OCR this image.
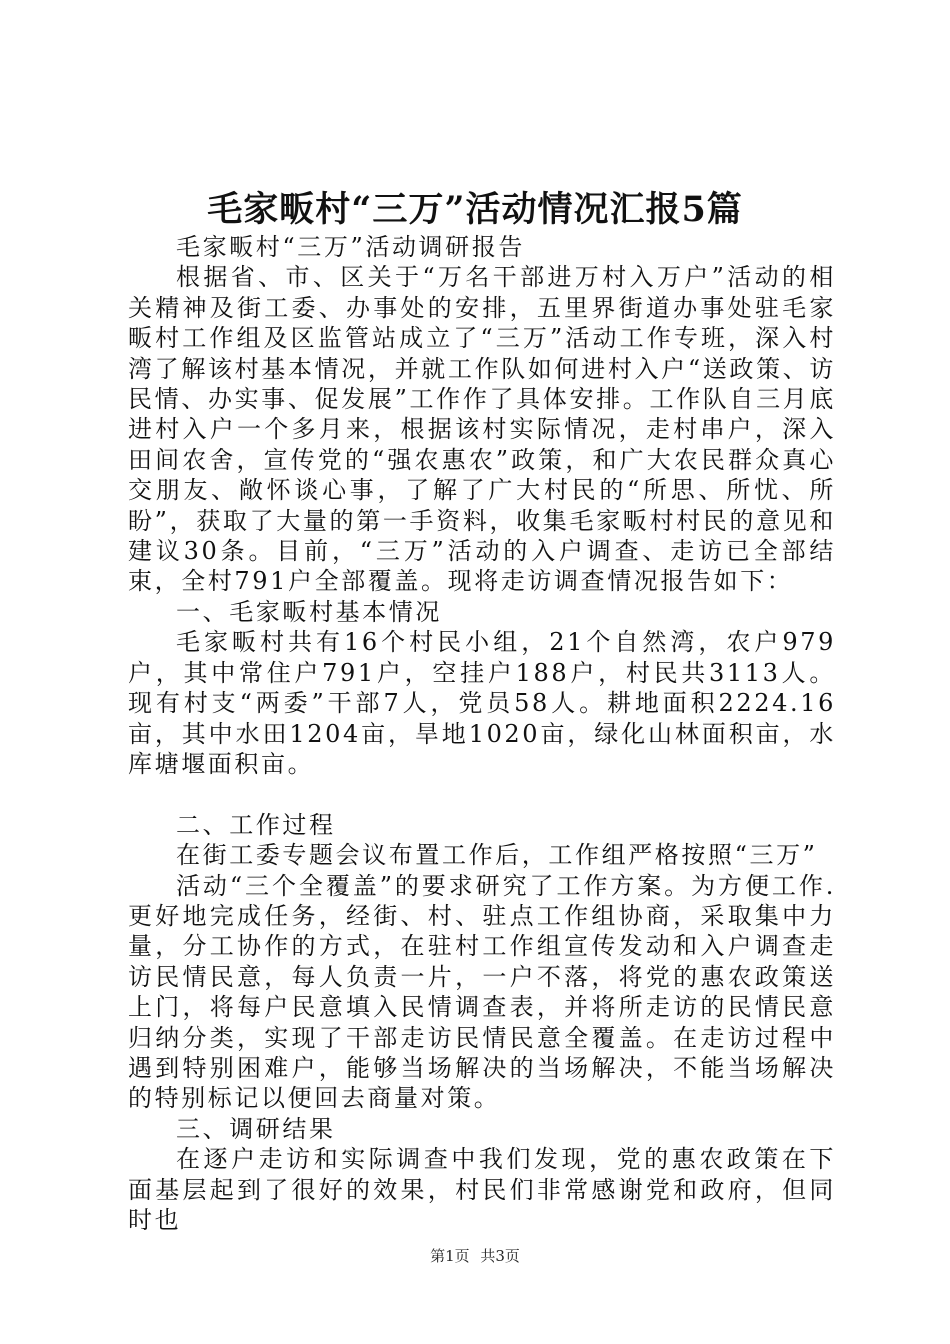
毛家畈村“三万”活动情况汇报5篇

毛家畈村“三万”活动调研报告

根据省、市、区关于“万名干部进万村入万户”活动的相关精神及街工委、办事处的安排，五里界街道办事处驻毛家畈村工作组及区监管站成立了“三万”活动工作专班，深入村湾了解该村基本情况，并就工作队如何进村入户“送政策、访民情、办实事、促发展”工作作了具体安排。工作队自三月底进村入户一个多月来，根据该村实际情况，走村串户，深入田间农舍，宣传党的“强农惠农”政策，和广大农民群众真心交朋友、敞怀谈心事，了解了广大村民的“所思、所忧、所盼”，获取了大量的第一手资料，收集毛家畈村村民的意见和建议30条。目前，“三万”活动的入户调查、走访已全部结束，全村791户全部覆盖。现将走访调查情况报告如下：

一、毛家畈村基本情况

毛家畈村共有16个村民小组，21个自然湾，农户979户，其中常住户791户，空挂户188户，村民共3113人。现有村支“两委”干部7人，党员58人。耕地面积2224.16亩，其中水田1204亩，旱地1020亩，绿化山林面积亩，水库塘堰面积亩。

二、工作过程

在街工委专题会议布置工作后，工作组严格按照“三万”

活动“三个全覆盖”的要求研究了工作方案。为方便工作.更好地完成任务，经街、村、驻点工作组协商，采取集中力量，分工协作的方式，在驻村工作组宣传发动和入户调查走访民情民意，每人负责一片，一户不落，将党的惠农政策送上门，将每户民意填入民情调查表，并将所走访的民情民意归纳分类，实现了干部走访民情民意全覆盖。在走访过程中遇到特别困难户，能够当场解决的当场解决，不能当场解决的特别标记以便回去商量对策。

三、调研结果

在逐户走访和实际调查中我们发现，党的惠农政策在下面基层起到了很好的效果，村民们非常感谢党和政府，但同时也

第1页 共3页
